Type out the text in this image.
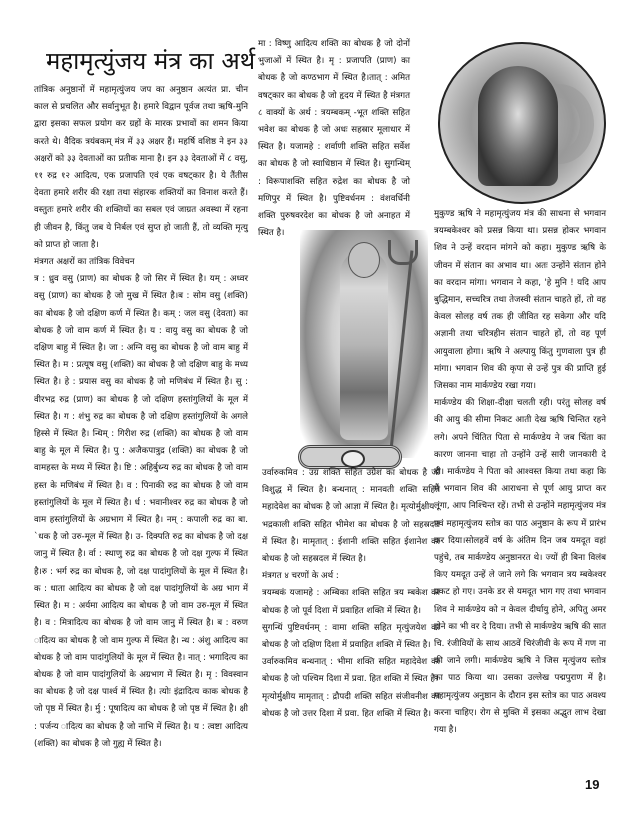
महामृत्युंजय मंत्र का अर्थ

तांत्रिक अनुष्ठानों में महामृत्युंजय जप का अनुष्ठान अत्यंत प्रा. चीन काल से प्रचलित और सर्वानुभूत है। हमारे विद्वान पूर्वज तथा ऋषि-मुनि द्वारा इसका सफल प्रयोग कर ग्रहों के मारक प्रभावों का शमन किया करते थे। वैदिक त्रयंबकम् मंत्र में ३३ अक्षर हैं। महर्षि वशिष्ठ ने इन ३३ अक्षरों को ३३ देवताओं का प्रतीक माना है। इन ३३ देवताओं में ८ वसु, ११ रुद्र १२ आदित्य, एक प्रजापति एवं एक वषट्कार है। ये तैंतीस देवता हमारे शरीर की रक्षा तथा संहारक शक्तियों का विनाश करते हैं। वस्तुतः हमारे शरीर की शक्तियों का सबल एवं जाग्रत अवस्था में रहना ही जीवन है, किंतु जब ये निर्बल एवं सुप्त हो जाती हैं, तो व्यक्ति मृत्यु को प्राप्त हो जाता है।

मंत्रगत अक्षरों का तांत्रिक विवेचन

त्र : ध्रुव वसु (प्राण) का बोधक है जो सिर में स्थित है। यम् : अध्वर वसु (प्राण) का बोधक है जो मुख में स्थित है।ब : सोम वसु (शक्ति) का बोधक है जो दक्षिण कर्ण में स्थित है। कम् : जल वसु (देवता) का बोधक है जो वाम कर्ण में स्थित है। य : वायु वसु का बोधक है जो दक्षिण बाहु में स्थित है। जा : अग्नि वसु का बोधक है जो वाम बाहु में स्थित है। म : प्रत्यूष वसु (शक्ति) का बोधक है जो दक्षिण बाहु के मध्य स्थित है। हे : प्रयास वसु का बोधक है जो मणिबंध में स्थित है। सु : वीरभद्र रुद्र (प्राण) का बोधक है जो दक्षिण हस्तांगुलियों के मूल में स्थित है। ग : शंभु रुद्र का बोधक है जो दक्षिण हस्तांगुलियों के अगले हिस्से में स्थित है। न्धिम् : गिरीश रुद्र (शक्ति) का बोधक है जो वाम बाहु के मूल में स्थित है। पु : अजैकपात्रुद्र (शक्ति) का बोधक है जो वामहस्त के मध्य में स्थित है। ष्टि : अहिर्बुध्न्य रुद्र का बोधक है जो वाम हस्त के मणिबंध में स्थित है। व : पिनाकी रुद्र का बोधक है जो वाम हस्तांगुलियों के मूल में स्थित है। र्ध : भवानीश्वर रुद्र का बोधक है जो वाम हस्तांगुलियों के अग्रभाग में स्थित है। नम् : कपाली रुद्र का बा. `धक है जो उरु-मूल में स्थित है। उ- दिक्पति रुद्र का बोधक है जो दक्ष जानु में स्थित है। र्वा : स्थाणु रुद्र का बोधक है जो दक्ष गुल्फ में स्थित है।रु : भर्ग रुद्र का बोधक है, जो दक्ष पादांगुलियों के मूल में स्थित है। क : धाता आदित्य का बोधक है जो दक्ष पादांगुलियों के अग्र भाग में स्थित है। म : अर्यमा आदित्य का बोधक है जो वाम उरु-मूल में स्थित है। व : मित्रादित्य का बोधक है जो वाम जानु में स्थित है। ब : वरुण ादित्य का बोधक है जो वाम गुल्फ में स्थित है। न्ध : अंशु आदित्य का बोधक है जो वाम पादांगुलियों के मूल में स्थित है। नात् : भगादित्य का बोधक है जो वाम पादांगुलियों के अग्रभाग में स्थित है। मृ : विवस्वान का बोधक है जो दक्ष पार्श्व में स्थित है। त्योः इंद्रादित्य काक बोधक है जो पृष्ठ में स्थित है। र्मु : पूषादित्य का बोधक है जो पृष्ठ में स्थित है। क्षी : पर्जन्य ादित्य का बोधक है जो नाभि में स्थित है। य : त्वष्टा आदित्य (शक्ति) का बोधक है जो गुह्य में स्थित है।

मा : विष्णु आदित्य शक्ति का बोधक है जो दोनों भुजाओं में स्थित है। मृ : प्रजापति (प्राण) का बोधक है जो कण्ठभाग में स्थित है।तात् : अमित वषट्कार का बोधक है जो हृदय में स्थित है मंत्रगत ८ वाक्यों के अर्थ : त्रयम्बकम् -भूत शक्ति सहित भवेश का बोधक है जो अधः सहस्रार मूलाधार में स्थित है। यजामहे : शर्वाणी शक्ति सहित सर्वेश का बोधक है जो स्वाधिष्ठान में स्थित है। सुगन्धिम् : विरूपाशक्ति सहित रुद्रेश का बोधक है जो मणिपुर में स्थित है। पुष्टिवर्धनम : वंशवर्धिनी शक्ति पुरुषवरदेश का बोधक है जो अनाहत में स्थित है।

उर्वारुकमिव : उग्र शक्ति सहित उग्रेश का बोधक है जो विशुद्ध में स्थित है। बन्धनात् : मानवती शक्ति सहित महादेवेश का बोधक है जो आज्ञा में स्थित है। मृत्योर्मुक्षीय : भद्रकाली शक्ति सहित भीमेश का बोधक है जो सहस्रदल में स्थित है। मामृतात् : ईशानी शक्ति सहित ईशानेश का बोधक है जो सहस्रदल में स्थित है।

मंत्रगत ४ चरणों के अर्थ :

त्रयम्बकं यजामहे : अम्बिका शक्ति सहित त्रय म्बकेश का बोधक है जो पूर्व दिशा में प्रवाहित शक्ति में स्थित है।

सुगन्धिं पुष्टिवर्धनम् : वामा शक्ति सहित मृत्युंजयेश का बोधक है जो दक्षिण दिशा में प्रवाहित शक्ति में स्थित है।

उर्वारुकमिव बन्धनात् : भीमा शक्ति सहित महादेवेश का बोधक है जो पश्चिम दिशा में प्रवा. हित शक्ति में स्थित है।

मृत्योर्मुक्षीय मामृतात् : द्रौपदी शक्ति सहित संजीवनीश का बोधक है जो उत्तर दिशा में प्रवा. हित शक्ति में स्थित है।

मुकुण्ड ऋषि ने महामृत्युंजय मंत्र की साधना से भगवान त्रयम्बकेश्वर को प्रसन्न किया था। प्रसन्न होकर भगवान शिव ने उन्हें वरदान मांगने को कहा। मुकुण्ड ऋषि के जीवन में संतान का अभाव था। अतः उन्होंने संतान होने का वरदान मांगा। भगवान ने कहा, 'हे मुनि ! यदि आप बुद्धिमान, सच्चरित्र तथा तेजस्वी संतान चाहते हों, तो वह केवल सोलह वर्ष तक ही जीवित रह सकेगा और यदि अज्ञानी तथा चरित्रहीन संतान चाहते हों, तो वह पूर्ण आयुवाला होगा। ऋषि ने अल्पायु किंतु गुणवाला पुत्र ही मांगा। भगवान शिव की कृपा से उन्हें पुत्र की प्राप्ति हुई जिसका नाम मार्कण्डेय रखा गया।

मार्कण्डेय की शिक्षा-दीक्षा चलती रही। परंतु सोलह वर्ष की आयु की सीमा निकट आती देख ऋषि चिन्तित रहने लगे। अपने चिंतित पिता से मार्कण्डेय ने जब चिंता का कारण जानना चाहा तो उन्होंने उन्हें सारी जानकारी दे दी। मार्कण्डेय ने पिता को आश्वस्त किया तथा कहा कि मैं भगवान शिव की आराधना से पूर्ण आयु प्राप्त कर लूंगा, आप निश्चिन्त रहें। तभी से उन्होंने महामृत्युंजय मंत्र एवं महामृत्युंजय स्तोत्र का पाठ अनुष्ठान के रूप में प्रारंभ कर दिया।सोलहवें वर्ष के अंतिम दिन जब यमदूत वहां पहुंचे, तब मार्कण्डेय अनुष्ठानरत थे। ज्यों ही बिना विलंब किए यमदूत उन्हें ले जाने लगे कि भगवान त्रय म्बकेश्वर प्रकट हो गए। उनके डर से यमदूत भाग गए तथा भगवान शिव ने मार्कण्डेय को न केवल दीर्घायु होने, अपितु अमर होने का भी वर दे दिया। तभी से मार्कण्डेय ऋषि की सात चि. रंजीवियों के साथ आठवें चिरंजीवी के रूप में गण ना की जाने लगी। मार्कण्डेय ऋषि ने जिस मृत्युंजय स्तोत्र का पाठ किया था। उसका उल्लेख पद्मपुराण में है। महामृत्युंजय अनुष्ठान के दौरान इस स्तोत्र का पाठ अवश्य करना चाहिए। रोग से मुक्ति में इसका अद्भुत लाभ देखा गया है।

19
